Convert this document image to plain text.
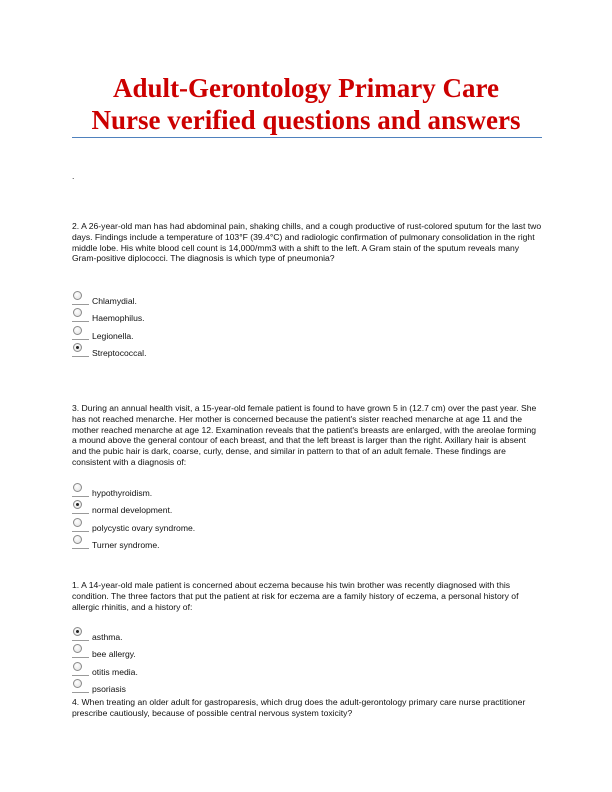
Adult-Gerontology Primary Care
Nurse verified questions and answers

.

2. A 26-year-old man has had abdominal pain, shaking chills, and a cough productive of rust-colored sputum for the last two days. Findings include a temperature of 103°F (39.4°C) and radiologic confirmation of pulmonary consolidation in the right middle lobe. His white blood cell count is 14,000/mm3 with a shift to the left. A Gram stain of the sputum reveals many Gram-positive diplococci. The diagnosis is which type of pneumonia?

Chlamydial.
Haemophilus.
Legionella.
Streptococcal.

3. During an annual health visit, a 15-year-old female patient is found to have grown 5 in (12.7 cm) over the past year. She has not reached menarche. Her mother is concerned because the patient's sister reached menarche at age 11 and the mother reached menarche at age 12. Examination reveals that the patient's breasts are enlarged, with the areolae forming a mound above the general contour of each breast, and that the left breast is larger than the right. Axillary hair is absent and the pubic hair is dark, coarse, curly, dense, and similar in pattern to that of an adult female. These findings are consistent with a diagnosis of:

hypothyroidism.
normal development.
polycystic ovary syndrome.
Turner syndrome.

1. A 14-year-old male patient is concerned about eczema because his twin brother was recently diagnosed with this condition. The three factors that put the patient at risk for eczema are a family history of eczema, a personal history of allergic rhinitis, and a history of:

asthma.
bee allergy.
otitis media.
psoriasis

4. When treating an older adult for gastroparesis, which drug does the adult-gerontology primary care nurse practitioner prescribe cautiously, because of possible central nervous system toxicity?
